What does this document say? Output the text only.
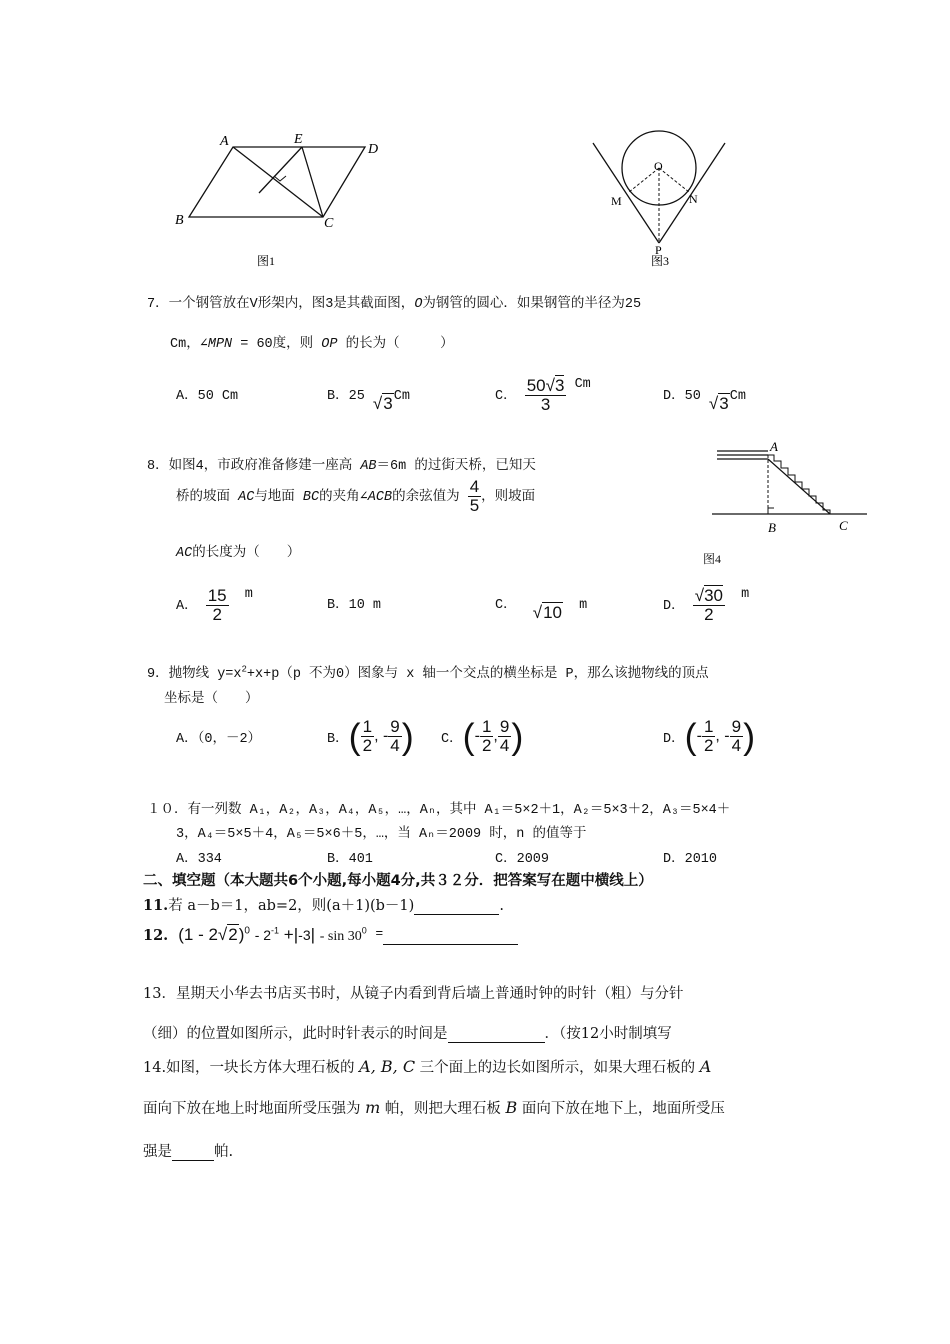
A	E
D
B	C
图1
O
M	N
P
图3
7．一个钢管放在V形架内，图3是其截面图，O为钢管的圆心．如果钢管的半径为25
Cm，∠MPN = 60度，则 OP 的长为（　　　）
A．50 Cm	B．25 √3Cm	C． $\frac{50√3}{3}$ Cm
D．50 √3Cm
A
B	C
图4
8．如图4，市政府准备修建一座高 AB＝6m 的过街天桥，已知天
桥的坡面 AC与地面 BC的夹角∠ACB的余弦值为 $\frac{4}{5}$ ，则坡面
AC的长度为（　　）
A． $\frac{15}{2}$ m
B．10 m	C． √10 m	D． $\frac{√30}{2}$ m
9．抛物线 $y=x^2+x+p(p$ 不为0）图象与 x 轴一个交点的横坐标是 P，那么该抛物线的顶点
坐标是（　　）
A．（0，－2）	B．( $\frac{1}{2}$ , - $\frac{9}{4}$ ) C．(- $\frac{1}{2}$ , $\frac{9}{4}$ )	D．(- $\frac{1}{2}$ , - $\frac{9}{4}$ )
１０．有一列数 A₁，A₂，A₃，A₄，A₅，…，Aₙ，其中 A₁＝5×2＋1，A₂＝5×3＋2，A₃＝5×4＋
3，A₄＝5×5＋4，A₅＝5×6＋5，…，当 Aₙ＝2009 时，n 的值等于
A．334	B．401	C．2009	D．2010
二、填空题（本大题共6个小题,每小题4分,共３２分．把答案写在题中横线上）
11.若 a－b＝1，ab=2，则(a＋1)(b－1)	.
12. $(1 - 2√2)^0 - 2^{-1} +|-3| - \sin 30^0$ =
13．星期天小华去书店买书时，从镜子内看到背后墙上普通时钟的时针（粗）与分针
（细）的位置如图所示，此时时针表示的时间是	．（按12小时制填写
14.如图，一块长方体大理石板的 A, B, C 三个面上的边长如图所示，如果大理石板的 A
面向下放在地上时地面所受压强为 m 帕，则把大理石板 B 面向下放在地下上，地面所受压
强是	帕.
